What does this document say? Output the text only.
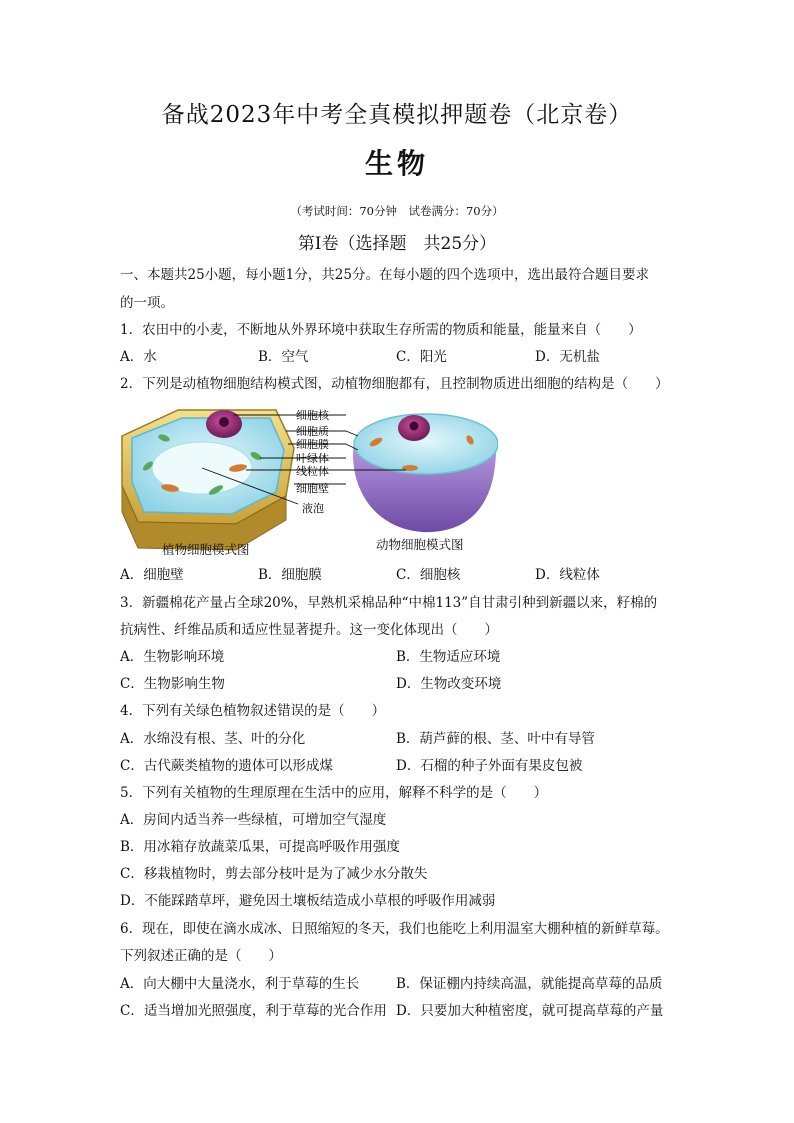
备战2023年中考全真模拟押题卷（北京卷）
生物
（考试时间：70分钟　试卷满分：70分）
第Ⅰ卷（选择题　共25分）
一、本题共25小题，每小题1分，共25分。在每小题的四个选项中，选出最符合题目要求
的一项。
1．农田中的小麦，不断地从外界环境中获取生存所需的物质和能量，能量来自（　　）
A．水	B．空气	C．阳光	D．无机盐
2．下列是动植物细胞结构模式图，动植物细胞都有，且控制物质进出细胞的结构是（　　）
细胞核
细胞质
细胞膜
叶绿体
线粒体
细胞壁
液泡
植物细胞模式图	动物细胞模式图
A．细胞壁	B．细胞膜	C．细胞核	D．线粒体
3．新疆棉花产量占全球20%，早熟机采棉品种“中棉113”自甘肃引种到新疆以来，籽棉的
抗病性、纤维品质和适应性显著提升。这一变化体现出（　　）
A．生物影响环境	B．生物适应环境
C．生物影响生物	D．生物改变环境
4．下列有关绿色植物叙述错误的是（　　）
A．水绵没有根、茎、叶的分化	B．葫芦藓的根、茎、叶中有导管
C．古代蕨类植物的遗体可以形成煤	D．石榴的种子外面有果皮包被
5．下列有关植物的生理原理在生活中的应用，解释不科学的是（　　）
A．房间内适当养一些绿植，可增加空气湿度
B．用冰箱存放蔬菜瓜果，可提高呼吸作用强度
C．移栽植物时，剪去部分枝叶是为了减少水分散失
D．不能踩踏草坪，避免因土壤板结造成小草根的呼吸作用减弱
6．现在，即使在滴水成冰、日照缩短的冬天，我们也能吃上利用温室大棚种植的新鲜草莓。
下列叙述正确的是（　　）
A．向大棚中大量浇水，利于草莓的生长	B．保证棚内持续高温，就能提高草莓的品质
C．适当增加光照强度，利于草莓的光合作用 D．只要加大种植密度，就可提高草莓的产量
